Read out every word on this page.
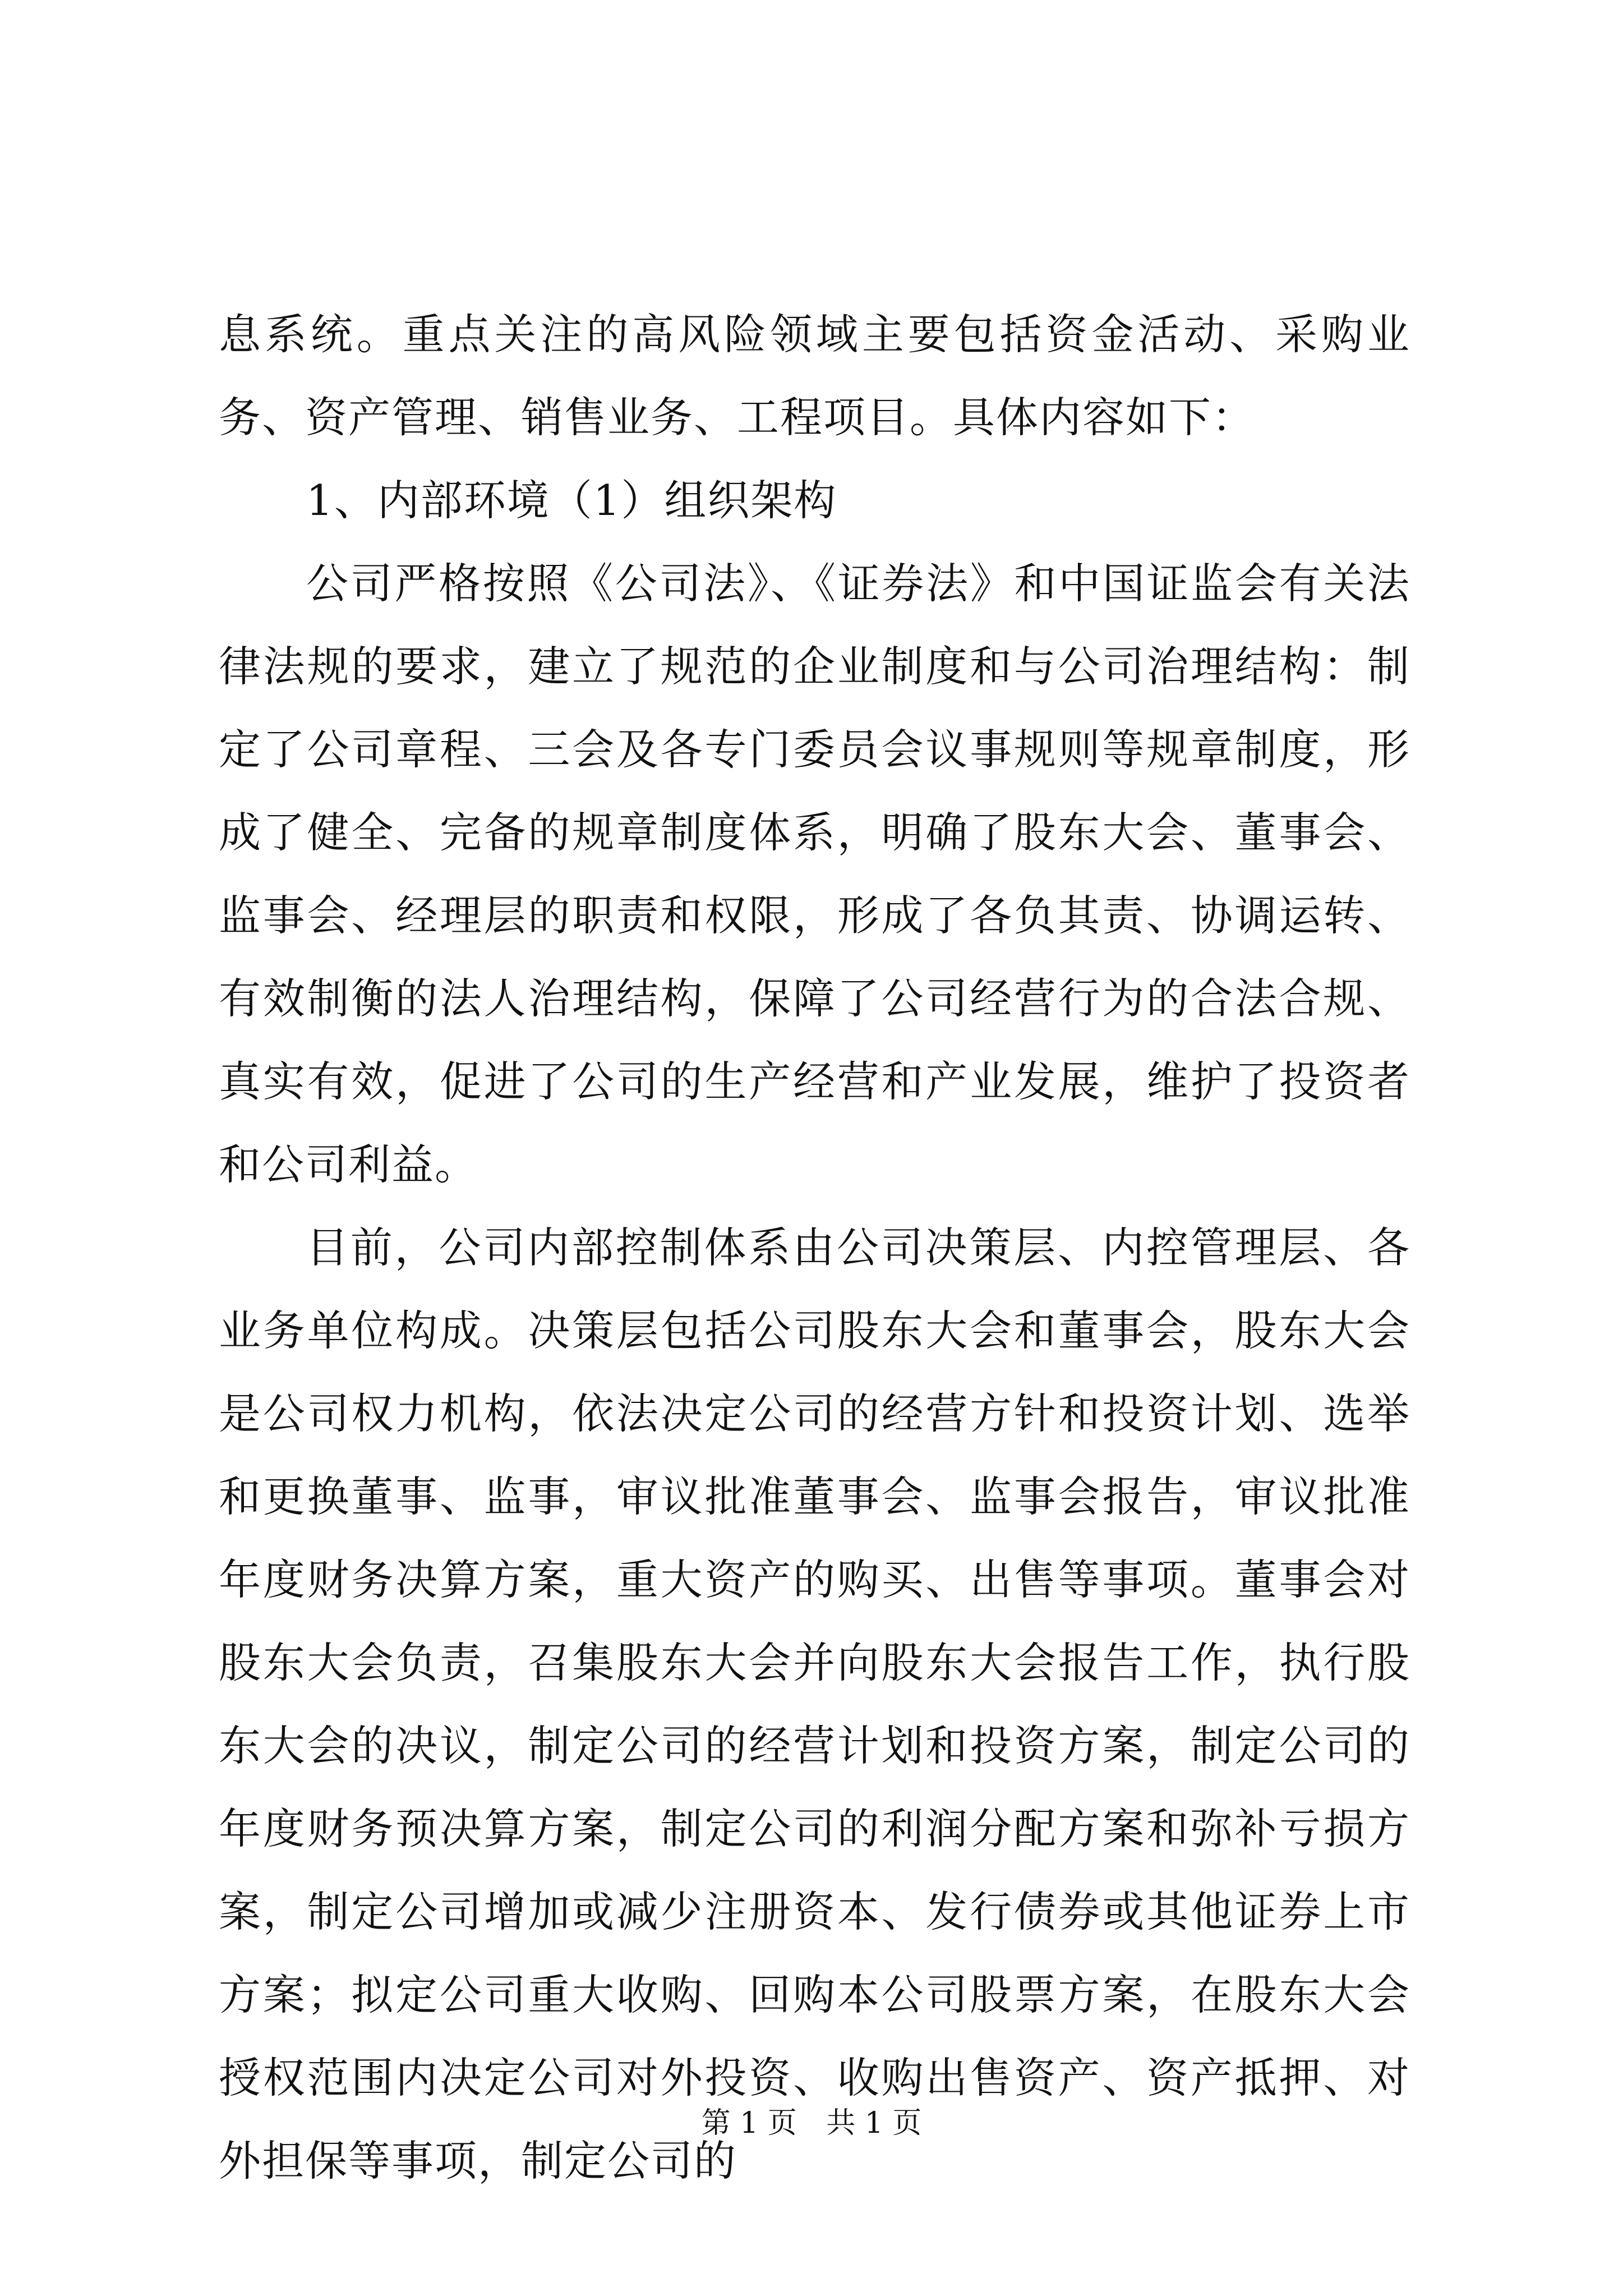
息系统。重点关注的高风险领域主要包括资金活动、采购业务、资产管理、销售业务、工程项目。具体内容如下：

1、内部环境（1）组织架构

公司严格按照《公司法》、《证券法》和中国证监会有关法律法规的要求，建立了规范的企业制度和与公司治理结构：制定了公司章程、三会及各专门委员会议事规则等规章制度，形成了健全、完备的规章制度体系，明确了股东大会、董事会、监事会、经理层的职责和权限，形成了各负其责、协调运转、有效制衡的法人治理结构，保障了公司经营行为的合法合规、真实有效，促进了公司的生产经营和产业发展，维护了投资者和公司利益。

目前，公司内部控制体系由公司决策层、内控管理层、各业务单位构成。决策层包括公司股东大会和董事会，股东大会是公司权力机构，依法决定公司的经营方针和投资计划、选举和更换董事、监事，审议批准董事会、监事会报告，审议批准年度财务决算方案，重大资产的购买、出售等事项。董事会对股东大会负责，召集股东大会并向股东大会报告工作，执行股东大会的决议，制定公司的经营计划和投资方案，制定公司的年度财务预决算方案，制定公司的利润分配方案和弥补亏损方案，制定公司增加或减少注册资本、发行债券或其他证券上市方案；拟定公司重大收购、回购本公司股票方案，在股东大会授权范围内决定公司对外投资、收购出售资产、资产抵押、对外担保等事项，制定公司的

第 1 页 共 1 页
